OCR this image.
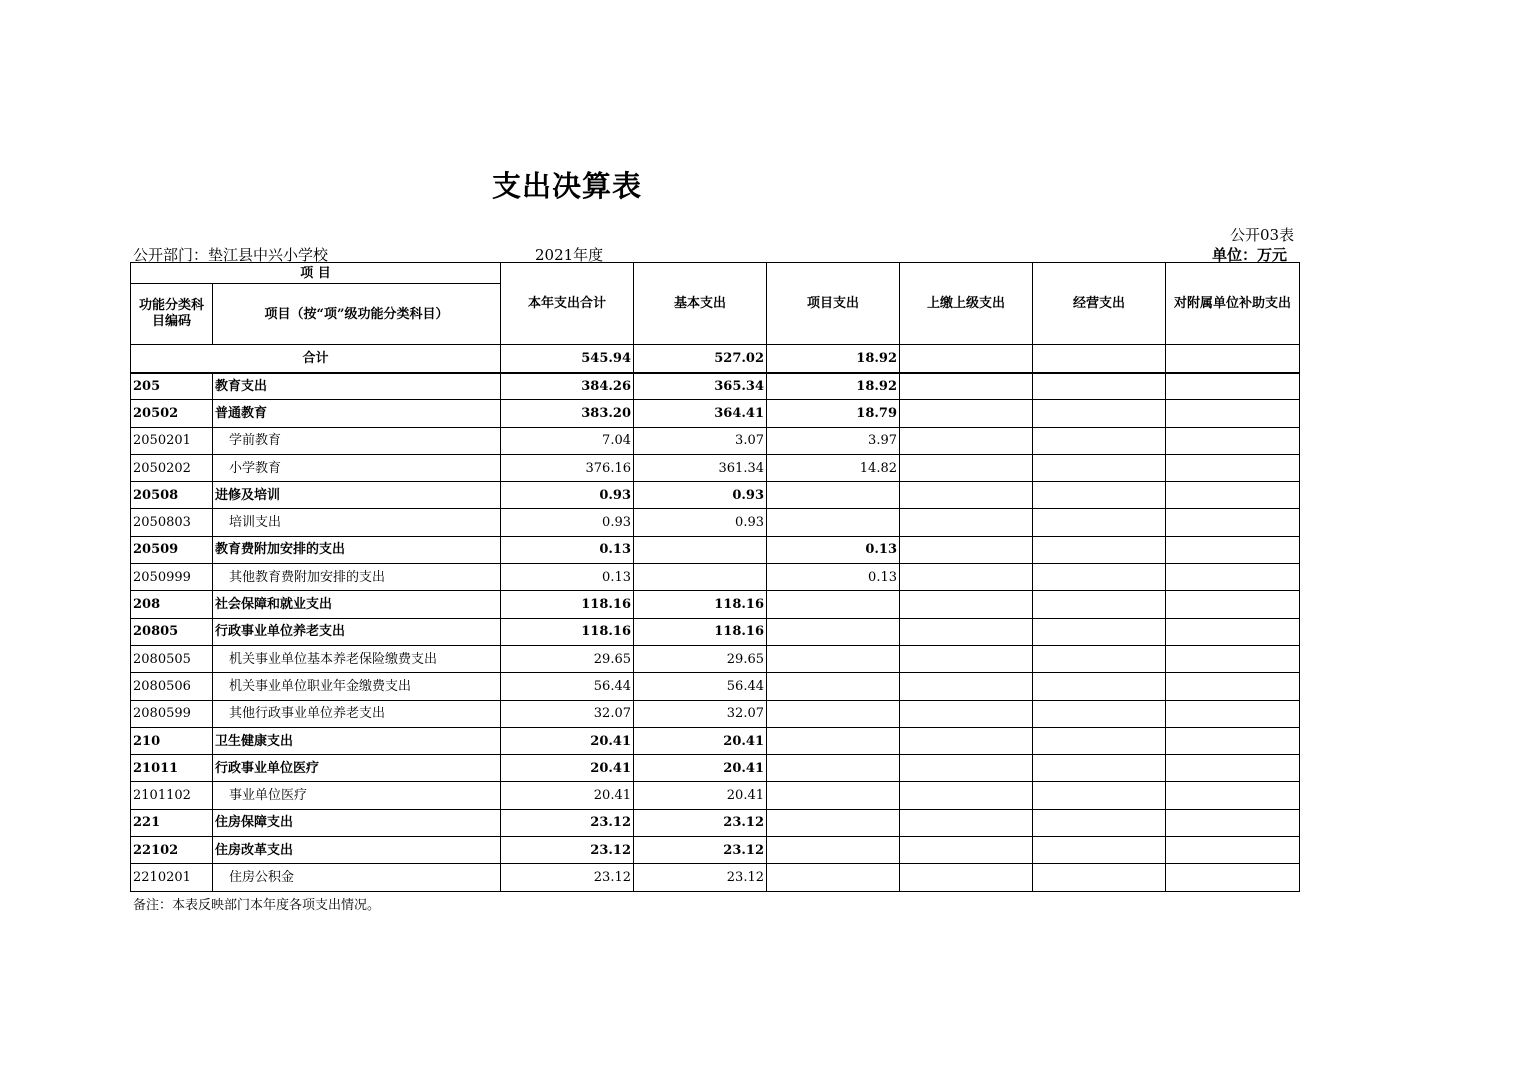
支出决算表
公开03表
公开部门：垫江县中兴小学校	2021年度	单位：万元
项 目		本年支出合计	基本支出	项目支出	上缴上级支出	经营支出	对附属单位补助支出
功能分类科目编码	项目（按“项”级功能分类科目）						
合计		545.94	527.02	18.92			
205	教育支出	384.26	365.34	18.92			
20502	普通教育	383.20	364.41	18.79			
2050201	学前教育	7.04	3.07	3.97			
2050202	小学教育	376.16	361.34	14.82			
20508	进修及培训	0.93	0.93				
2050803	培训支出	0.93	0.93				
20509	教育费附加安排的支出	0.13		0.13			
2050999	其他教育费附加安排的支出	0.13		0.13			
208	社会保障和就业支出	118.16	118.16				
20805	行政事业单位养老支出	118.16	118.16				
2080505	机关事业单位基本养老保险缴费支出	29.65	29.65				
2080506	机关事业单位职业年金缴费支出	56.44	56.44				
2080599	其他行政事业单位养老支出	32.07	32.07				
210	卫生健康支出	20.41	20.41				
21011	行政事业单位医疗	20.41	20.41				
2101102	事业单位医疗	20.41	20.41				
221	住房保障支出	23.12	23.12				
22102	住房改革支出	23.12	23.12				
2210201	住房公积金	23.12	23.12				
备注：本表反映部门本年度各项支出情况。
